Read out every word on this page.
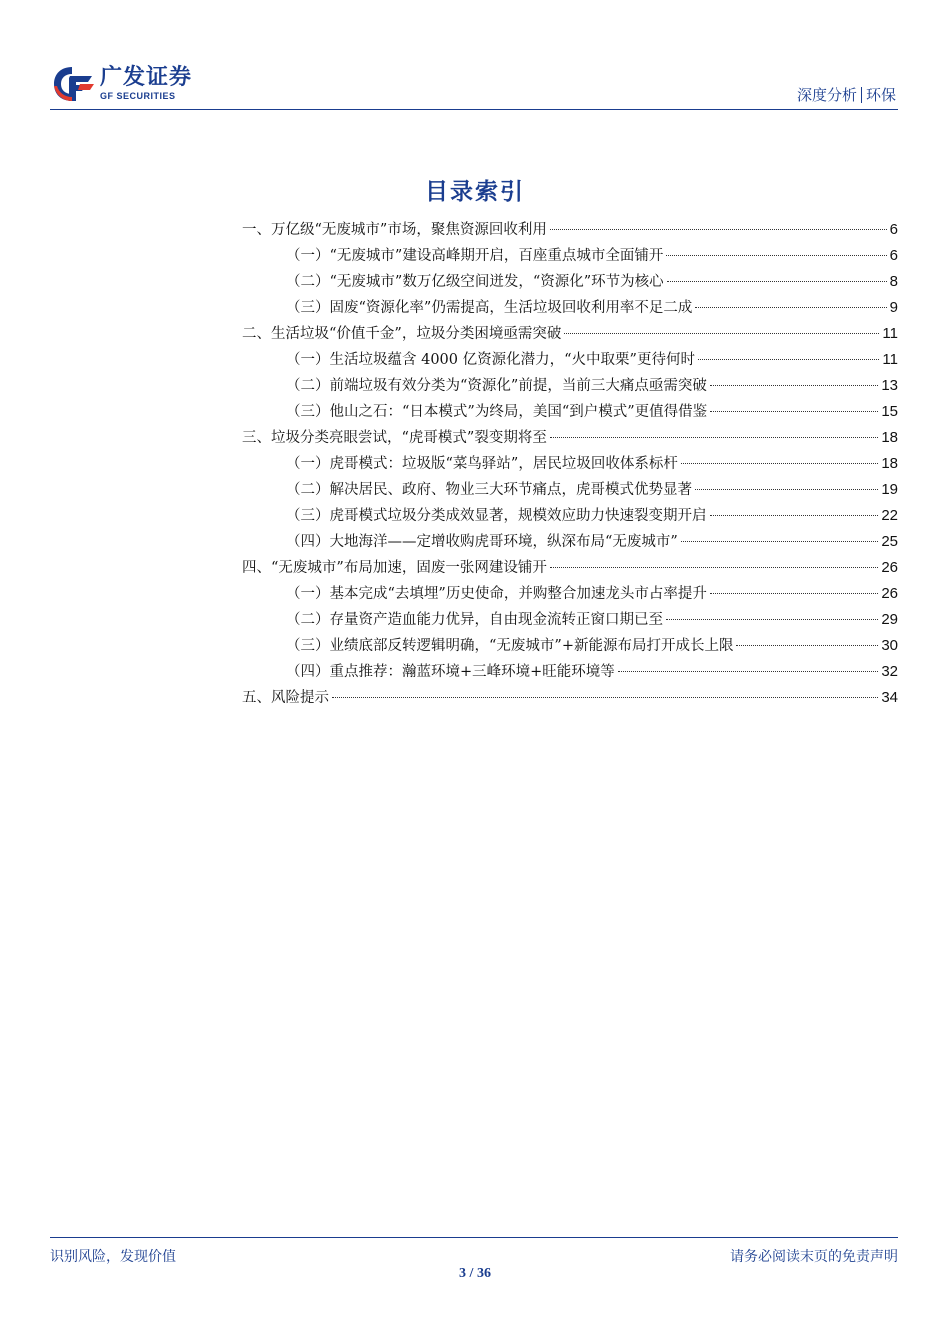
广发证券
GF SECURITIES	深度分析 环保
目录索引
一、万亿级“无废城市”市场，聚焦资源回收利用	6
（一）“无废城市”建设高峰期开启，百座重点城市全面铺开	6
（二）“无废城市”数万亿级空间迸发，“资源化”环节为核心	8
（三）固废“资源化率”仍需提高，生活垃圾回收利用率不足二成	9
二、生活垃圾“价值千金”，垃圾分类困境亟需突破	11
（一）生活垃圾蕴含 4000 亿资源化潜力，“火中取栗”更待何时	11
（二）前端垃圾有效分类为“资源化”前提，当前三大痛点亟需突破	13
（三）他山之石：“日本模式”为终局，美国“到户模式”更值得借鉴	15
三、垃圾分类亮眼尝试，“虎哥模式”裂变期将至	18
（一）虎哥模式：垃圾版“菜鸟驿站”，居民垃圾回收体系标杆	18
（二）解决居民、政府、物业三大环节痛点，虎哥模式优势显著	19
（三）虎哥模式垃圾分类成效显著，规模效应助力快速裂变期开启	22
（四）大地海洋——定增收购虎哥环境，纵深布局“无废城市”	25
四、“无废城市”布局加速，固废一张网建设铺开	26
（一）基本完成“去填埋”历史使命，并购整合加速龙头市占率提升	26
（二）存量资产造血能力优异，自由现金流转正窗口期已至	29
（三）业绩底部反转逻辑明确，“无废城市”+新能源布局打开成长上限	30
（四）重点推荐：瀚蓝环境+三峰环境+旺能环境等	32
五、风险提示	34
识别风险，发现价值	请务必阅读末页的免责声明
3 / 36
